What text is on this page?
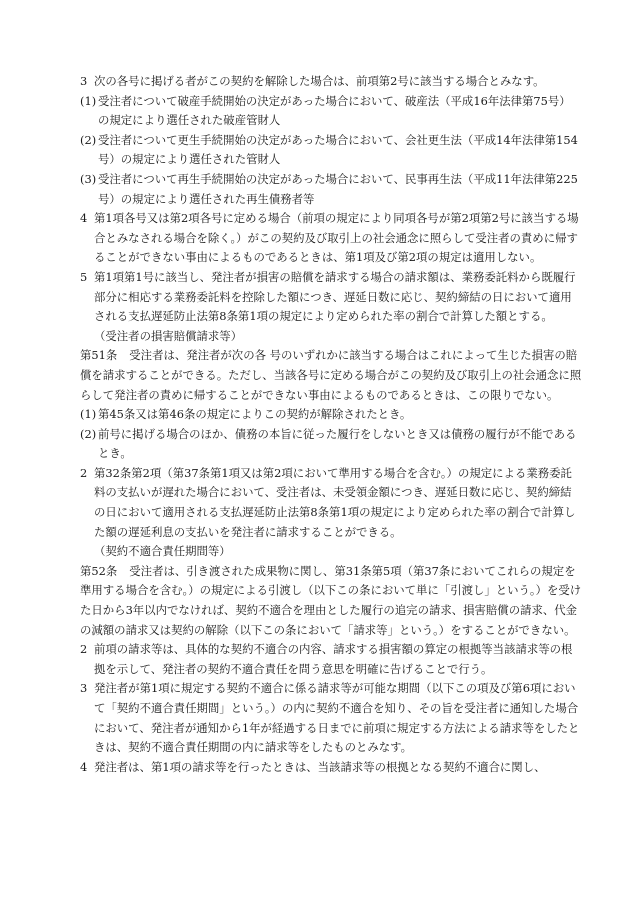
3 次の各号に掲げる者がこの契約を解除した場合は、前項第2号に該当する場合とみなす。

(1) 受注者について破産手続開始の決定があった場合において、破産法（平成16年法律第75号）の規定により選任された破産管財人

(2) 受注者について更生手続開始の決定があった場合において、会社更生法（平成14年法律第154号）の規定により選任された管財人

(3) 受注者について再生手続開始の決定があった場合において、民事再生法（平成11年法律第225号）の規定により選任された再生債務者等

4 第1項各号又は第2項各号に定める場合（前項の規定により同項各号が第2項第2号に該当する場合とみなされる場合を除く。）がこの契約及び取引上の社会通念に照らして受注者の責めに帰することができない事由によるものであるときは、第1項及び第2項の規定は適用しない。

5 第1項第1号に該当し、発注者が損害の賠償を請求する場合の請求額は、業務委託料から既履行部分に相応する業務委託料を控除した額につき、遅延日数に応じ、契約締結の日において適用される支払遅延防止法第8条第1項の規定により定められた率の割合で計算した額とする。

（受注者の損害賠償請求等）

第51条 受注者は、発注者が次の各 号のいずれかに該当する場合はこれによって生じた損害の賠償を請求することができる。ただし、当該各号に定める場合がこの契約及び取引上の社会通念に照らして発注者の責めに帰することができない事由によるものであるときは、この限りでない。

(1) 第45条又は第46条の規定によりこの契約が解除されたとき。

(2) 前号に掲げる場合のほか、債務の本旨に従った履行をしないとき又は債務の履行が不能であるとき。

2 第32条第2項（第37条第1項又は第2項において準用する場合を含む。）の規定による業務委託料の支払いが遅れた場合において、受注者は、未受領金額につき、遅延日数に応じ、契約締結の日において適用される支払遅延防止法第8条第1項の規定により定められた率の割合で計算した額の遅延利息の支払いを発注者に請求することができる。

（契約不適合責任期間等）

第52条 受注者は、引き渡された成果物に関し、第31条第5項（第37条においてこれらの規定を準用する場合を含む。）の規定による引渡し（以下この条において単に「引渡し」という。）を受けた日から3年以内でなければ、契約不適合を理由とした履行の追完の請求、損害賠償の請求、代金の減額の請求又は契約の解除（以下この条において「請求等」という。）をすることができない。

2 前項の請求等は、具体的な契約不適合の内容、請求する損害額の算定の根拠等当該請求等の根拠を示して、発注者の契約不適合責任を問う意思を明確に告げることで行う。

3 発注者が第1項に規定する契約不適合に係る請求等が可能な期間（以下この項及び第6項において「契約不適合責任期間」という。）の内に契約不適合を知り、その旨を受注者に通知した場合において、発注者が通知から1年が経過する日までに前項に規定する方法による請求等をしたときは、契約不適合責任期間の内に請求等をしたものとみなす。

4 発注者は、第1項の請求等を行ったときは、当該請求等の根拠となる契約不適合に関し、
